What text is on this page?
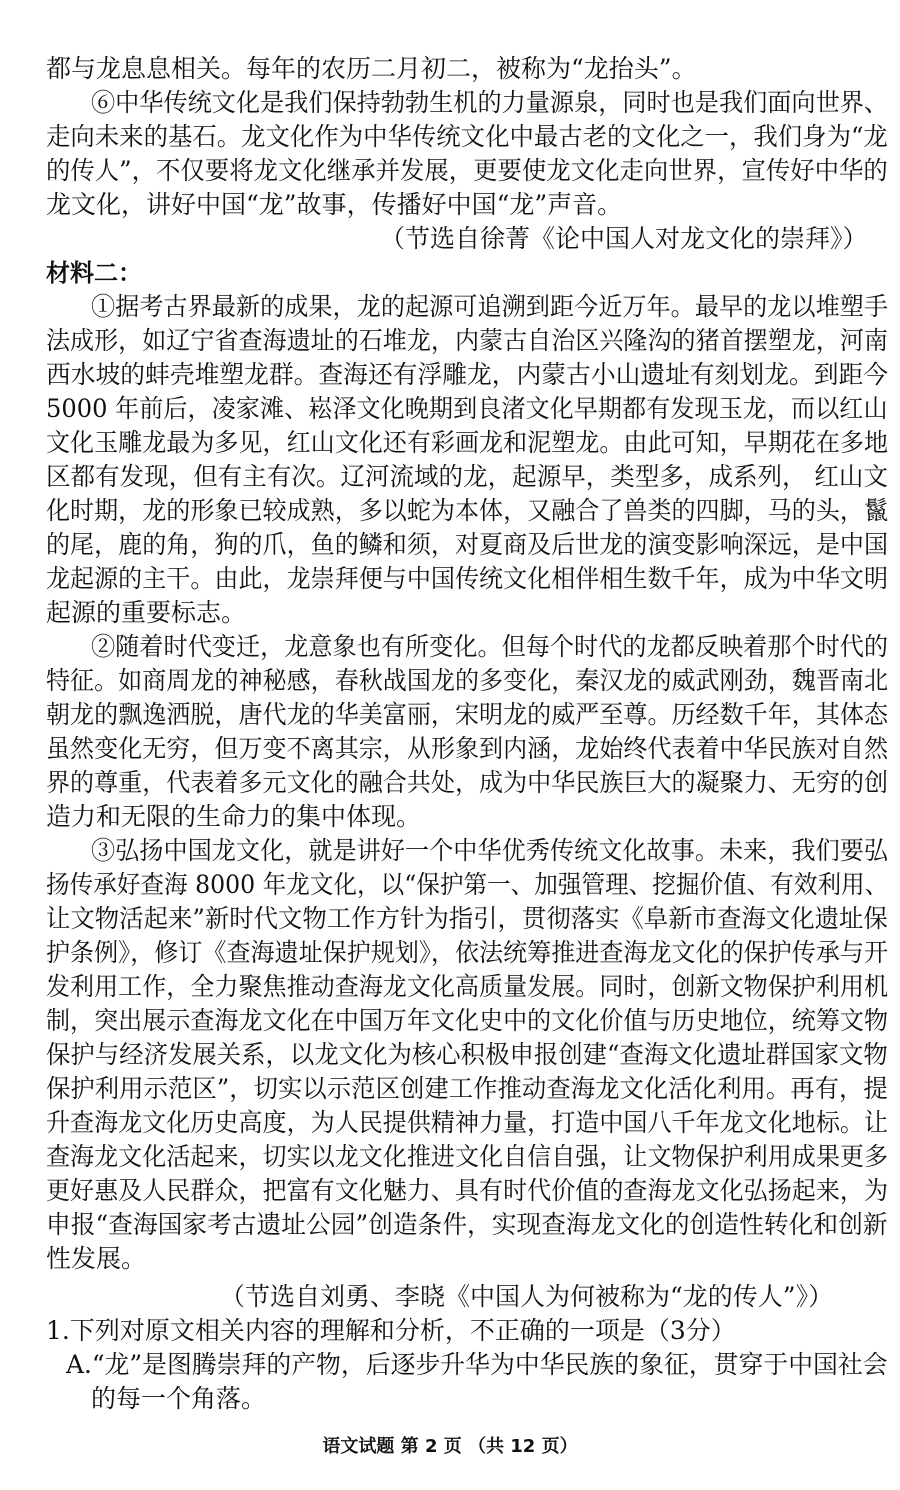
都与龙息息相关。每年的农历二月初二，被称为“龙抬头”。
⑥中华传统文化是我们保持勃勃生机的力量源泉，同时也是我们面向世界、
走向未来的基石。龙文化作为中华传统文化中最古老的文化之一，我们身为“龙
的传人”，不仅要将龙文化继承并发展，更要使龙文化走向世界，宣传好中华的
龙文化，讲好中国“龙”故事，传播好中国“龙”声音。
（节选自徐菁《论中国人对龙文化的崇拜》）
材料二：
①据考古界最新的成果，龙的起源可追溯到距今近万年。最早的龙以堆塑手
法成形，如辽宁省查海遗址的石堆龙，内蒙古自治区兴隆沟的猪首摆塑龙，河南
西水坡的蚌壳堆塑龙群。查海还有浮雕龙，内蒙古小山遗址有刻划龙。到距今
5000 年前后，凌家滩、崧泽文化晚期到良渚文化早期都有发现玉龙，而以红山
文化玉雕龙最为多见，红山文化还有彩画龙和泥塑龙。由此可知，早期花在多地
区都有发现，但有主有次。辽河流域的龙，起源早，类型多，成系列， 红山文
化时期，龙的形象已较成熟，多以蛇为本体，又融合了兽类的四脚，马的头，鬣
的尾，鹿的角，狗的爪，鱼的鳞和须，对夏商及后世龙的演变影响深远，是中国
龙起源的主干。由此，龙崇拜便与中国传统文化相伴相生数千年，成为中华文明
起源的重要标志。
②随着时代变迁，龙意象也有所变化。但每个时代的龙都反映着那个时代的
特征。如商周龙的神秘感，春秋战国龙的多变化，秦汉龙的威武刚劲，魏晋南北
朝龙的飘逸洒脱，唐代龙的华美富丽，宋明龙的威严至尊。历经数千年，其体态
虽然变化无穷，但万变不离其宗，从形象到内涵，龙始终代表着中华民族对自然
界的尊重，代表着多元文化的融合共处，成为中华民族巨大的凝聚力、无穷的创
造力和无限的生命力的集中体现。
③弘扬中国龙文化，就是讲好一个中华优秀传统文化故事。未来，我们要弘
扬传承好查海 8000 年龙文化，以“保护第一、加强管理、挖掘价值、有效利用、
让文物活起来”新时代文物工作方针为指引，贯彻落实《阜新市查海文化遗址保
护条例》，修订《查海遗址保护规划》，依法统筹推进查海龙文化的保护传承与开
发利用工作，全力聚焦推动查海龙文化高质量发展。同时，创新文物保护利用机
制，突出展示查海龙文化在中国万年文化史中的文化价值与历史地位，统筹文物
保护与经济发展关系，以龙文化为核心积极申报创建“查海文化遗址群国家文物
保护利用示范区”，切实以示范区创建工作推动查海龙文化活化利用。再有，提
升查海龙文化历史高度，为人民提供精神力量，打造中国八千年龙文化地标。让
查海龙文化活起来，切实以龙文化推进文化自信自强，让文物保护利用成果更多
更好惠及人民群众，把富有文化魅力、具有时代价值的查海龙文化弘扬起来，为
申报“查海国家考古遗址公园”创造条件，实现查海龙文化的创造性转化和创新
性发展。
（节选自刘勇、李晓《中国人为何被称为“龙的传人”》）
1.下列对原文相关内容的理解和分析，不正确的一项是（3分）
A.“龙”是图腾崇拜的产物，后逐步升华为中华民族的象征，贯穿于中国社会
的每一个角落。
语文试题 第 2 页 （共 12 页）
